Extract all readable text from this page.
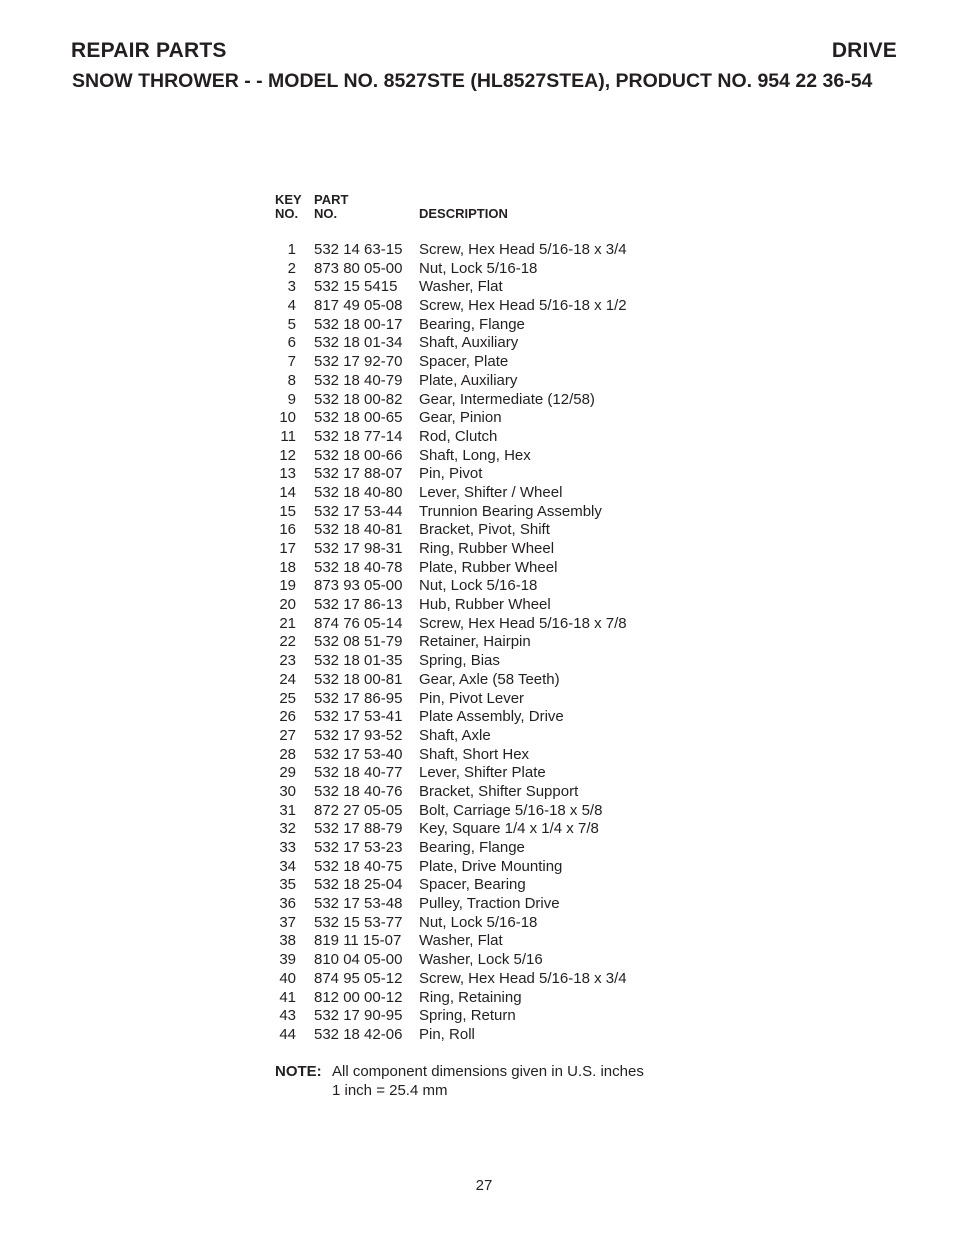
REPAIR PARTS	DRIVE
SNOW THROWER - - MODEL NO. 8527STE (HL8527STEA), PRODUCT NO. 954 22 36-54
KEY
NO.
PART
NO.	DESCRIPTION
1 532 14 63-15 Screw, Hex Head 5/16-18 x 3/4
2 873 80 05-00 Nut, Lock 5/16-18
3 532 15 5415 Washer, Flat
4 817 49 05-08 Screw, Hex Head 5/16-18 x 1/2
5 532 18 00-17 Bearing, Flange
6 532 18 01-34 Shaft, Auxiliary
7 532 17 92-70 Spacer, Plate
8 532 18 40-79 Plate, Auxiliary
9 532 18 00-82 Gear, Intermediate (12/58)
10 532 18 00-65 Gear, Pinion
11 532 18 77-14 Rod, Clutch
12 532 18 00-66 Shaft, Long, Hex
13 532 17 88-07 Pin, Pivot
14 532 18 40-80 Lever, Shifter / Wheel
15 532 17 53-44 Trunnion Bearing Assembly
16 532 18 40-81 Bracket, Pivot, Shift
17 532 17 98-31 Ring, Rubber Wheel
18 532 18 40-78 Plate, Rubber Wheel
19 873 93 05-00 Nut, Lock 5/16-18
20 532 17 86-13 Hub, Rubber Wheel
21 874 76 05-14 Screw, Hex Head 5/16-18 x 7/8
22 532 08 51-79 Retainer, Hairpin
23 532 18 01-35 Spring, Bias
24 532 18 00-81 Gear, Axle (58 Teeth)
25 532 17 86-95 Pin, Pivot Lever
26 532 17 53-41 Plate Assembly, Drive
27 532 17 93-52 Shaft, Axle
28 532 17 53-40 Shaft, Short Hex
29 532 18 40-77 Lever, Shifter Plate
30 532 18 40-76 Bracket, Shifter Support
31 872 27 05-05 Bolt, Carriage 5/16-18 x 5/8
32 532 17 88-79 Key, Square 1/4 x 1/4 x 7/8
33 532 17 53-23 Bearing, Flange
34 532 18 40-75 Plate, Drive Mounting
35 532 18 25-04 Spacer, Bearing
36 532 17 53-48 Pulley, Traction Drive
37 532 15 53-77 Nut, Lock 5/16-18
38 819 11 15-07 Washer, Flat
39 810 04 05-00 Washer, Lock 5/16
40 874 95 05-12 Screw, Hex Head 5/16-18 x 3/4
41 812 00 00-12 Ring, Retaining
43 532 17 90-95 Spring, Return
44 532 18 42-06 Pin, Roll
NOTE: All component dimensions given in U.S. inches
1 inch = 25.4 mm
27
